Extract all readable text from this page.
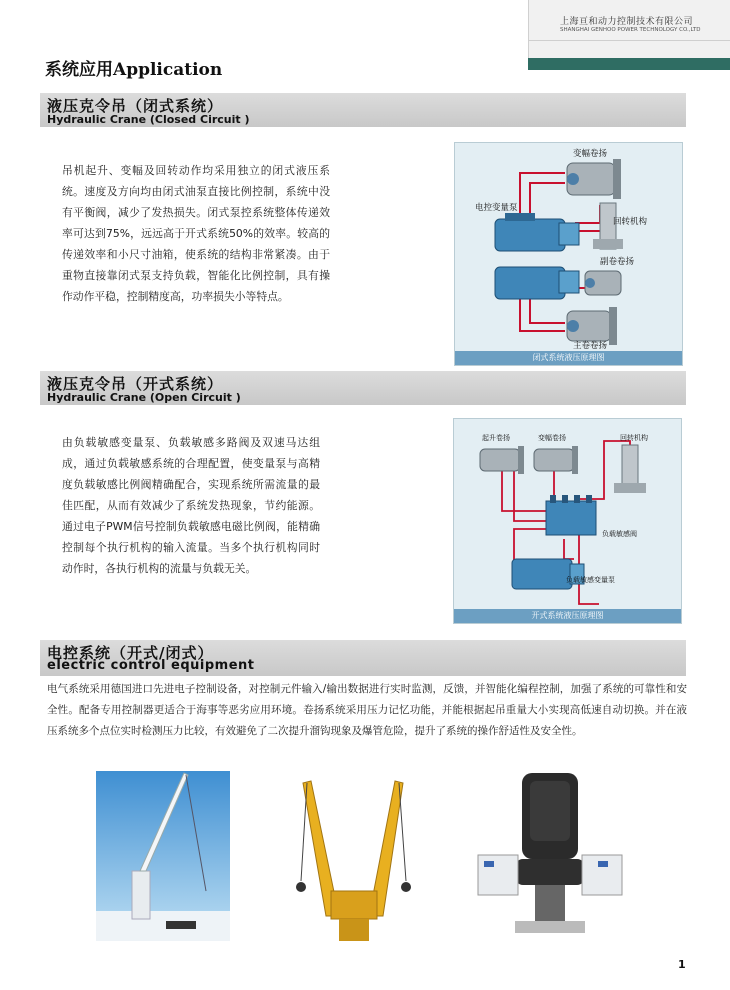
上海亘和动力控制技术有限公司
SHANGHAI GENHOO POWER TECHNOLOGY CO.,LTD
系统应用Application
液压克令吊（闭式系统）
Hydraulic Crane (Closed Circuit )
吊机起升、变幅及回转动作均采用独立的闭式液压系统。速度及方向均由闭式油泵直接比例控制，系统中没有平衡阀，减少了发热损失。闭式泵控系统整体传递效率可达到75%，远远高于开式系统50%的效率。较高的传递效率和小尺寸油箱，使系统的结构非常紧凑。由于重物直接靠闭式泵支持负载，智能化比例控制，具有操作动作平稳，控制精度高，功率损失小等特点。
变幅卷扬
电控变量泵
回转机构
副卷卷扬
主卷卷扬
闭式系统液压原理图
液压克令吊（开式系统）
Hydraulic Crane (Open Circuit )
由负载敏感变量泵、负载敏感多路阀及双速马达组成，通过负载敏感系统的合理配置，使变量泵与高精度负载敏感比例阀精确配合，实现系统所需流量的最佳匹配，从而有效减少了系统发热现象，节约能源。通过电子PWM信号控制负载敏感电磁比例阀，能精确控制每个执行机构的输入流量。当多个执行机构同时动作时，各执行机构的流量与负载无关。
起升卷扬	变幅卷扬	回转机构
负载敏感阀
负载敏感变量泵
开式系统液压原理图
电控系统（开式/闭式）
electric control equipment
电气系统采用德国进口先进电子控制设备，对控制元件输入/输出数据进行实时监测，反馈，并智能化编程控制，加强了系统的可靠性和安全性。配备专用控制器更适合于海事等恶劣应用环境。卷扬系统采用压力记忆功能，并能根据起吊重量大小实现高低速自动切换。并在液压系统多个点位实时检测压力比较，有效避免了二次提升溜钩现象及爆管危险，提升了系统的操作舒适性及安全性。
1
